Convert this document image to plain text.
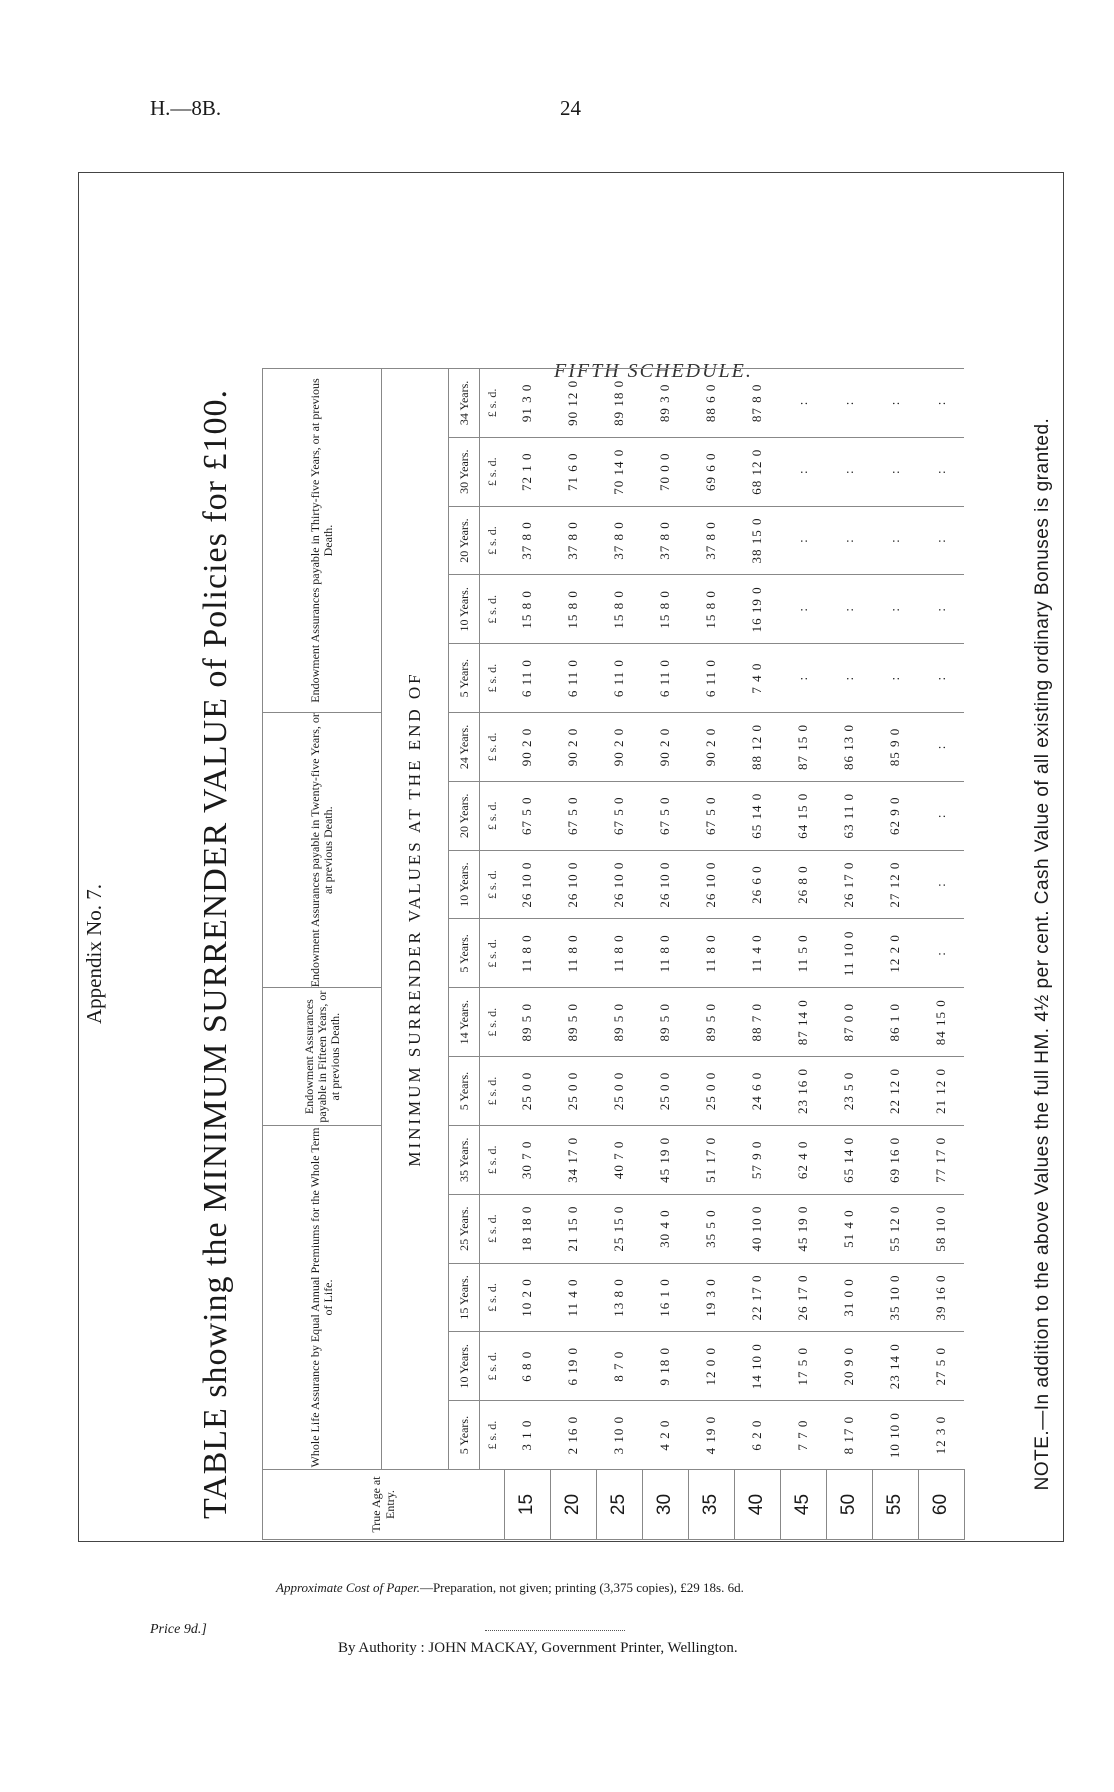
H.—8B.	24
FIFTH SCHEDULE.
Appendix No. 7.	TABLE showing the MINIMUM SURRENDER VALUE of Policies for £100.	True Age at Entry.	Whole Life Assurance by Equal Annual Premiums for the Whole Term of Life.					Endowment Assurances payable in Fifteen Years, or at previous Death.		Endowment Assurances payable in Twenty-five Years, or at previous Death.				Endowment Assurances payable in Thirty-five Years, or at previous Death.				
	MINIMUM SURRENDER VALUES AT THE END OF															
	5 Years.	10 Years.	15 Years.	25 Years.	35 Years.	5 Years.	14 Years.	5 Years.	10 Years.	20 Years.	24 Years.	5 Years.	10 Years.	20 Years.	30 Years.	34 Years.
	£ s. d.	£ s. d.	£ s. d.	£ s. d.	£ s. d.	£ s. d.	£ s. d.	£ s. d.	£ s. d.	£ s. d.	£ s. d.	£ s. d.	£ s. d.	£ s. d.	£ s. d.	£ s. d.
15	3 1 0	6 8 0	10 2 0	18 18 0	30 7 0	25 0 0	89 5 0	11 8 0	26 10 0	67 5 0	90 2 0	6 11 0	15 8 0	37 8 0	72 1 0	91 3 0
20	2 16 0	6 19 0	11 4 0	21 15 0	34 17 0	25 0 0	89 5 0	11 8 0	26 10 0	67 5 0	90 2 0	6 11 0	15 8 0	37 8 0	71 6 0	90 12 0
25	3 10 0	8 7 0	13 8 0	25 15 0	40 7 0	25 0 0	89 5 0	11 8 0	26 10 0	67 5 0	90 2 0	6 11 0	15 8 0	37 8 0	70 14 0	89 18 0
30	4 2 0	9 18 0	16 1 0	30 4 0	45 19 0	25 0 0	89 5 0	11 8 0	26 10 0	67 5 0	90 2 0	6 11 0	15 8 0	37 8 0	70 0 0	89 3 0
35	4 19 0	12 0 0	19 3 0	35 5 0	51 17 0	25 0 0	89 5 0	11 8 0	26 10 0	67 5 0	90 2 0	6 11 0	15 8 0	37 8 0	69 6 0	88 6 0
40	6 2 0	14 10 0	22 17 0	40 10 0	57 9 0	24 6 0	88 7 0	11 4 0	26 6 0	65 14 0	88 12 0	7 4 0	16 19 0	38 15 0	68 12 0	87 8 0
45	7 7 0	17 5 0	26 17 0	45 19 0	62 4 0	23 16 0	87 14 0	11 5 0	26 8 0	64 15 0	87 15 0	:	:	:	:	:
50	8 17 0	20 9 0	31 0 0	51 4 0	65 14 0	23 5 0	87 0 0	11 10 0	26 17 0	63 11 0	86 13 0	:	:	:	:	:
55	10 10 0	23 14 0	35 10 0	55 12 0	69 16 0	22 12 0	86 1 0	12 2 0	27 12 0	62 9 0	85 9 0	:	:	:	:	:
60	12 3 0	27 5 0	39 16 0	58 10 0	77 17 0	21 12 0	84 15 0	:	:	:	:	:	:	:	:	:
NOTE.—In addition to the above Values the full HM. 4½ per cent. Cash Value of all existing ordinary Bonuses is granted.
Approximate Cost of Paper.—Preparation, not given; printing (3,375 copies), £29 18s. 6d.
Price 9d.]
By Authority : JOHN MACKAY, Government Printer, Wellington.
